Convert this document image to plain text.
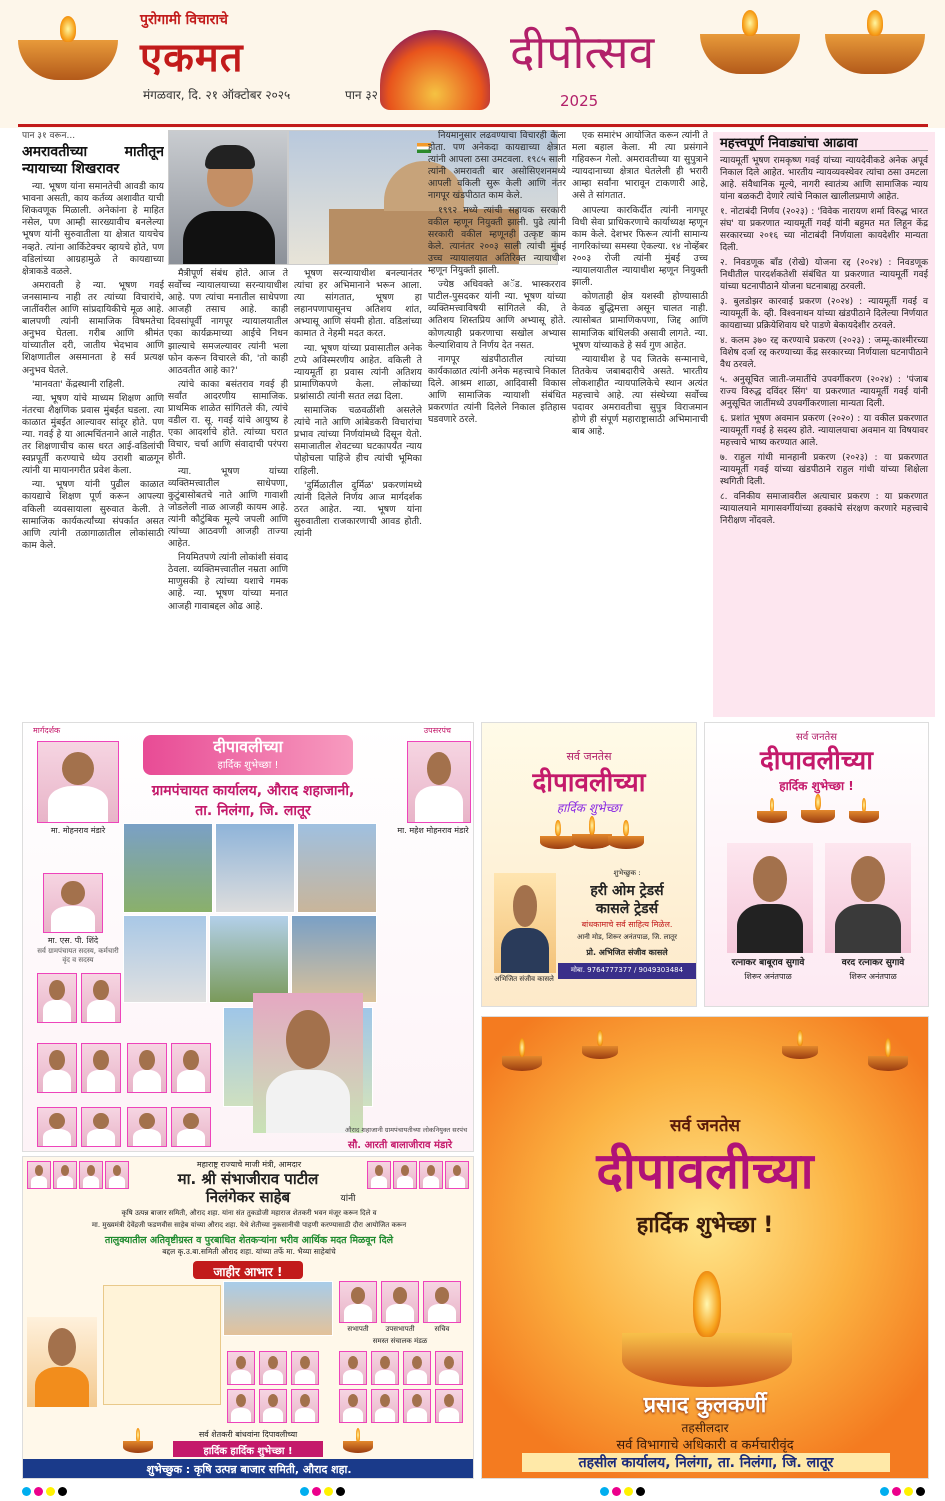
पुरोगामी विचाराचे
एकमत
मंगळवार, दि. २१ ऑक्टोबर २०२५	पान ३२
दीपोत्सव
2025
पान ३१ वरून...
अमरावतीच्या मातीतून न्यायाच्या शिखरावर

न्या. भूषण यांना समानतेची आवडी काय भावना असती, काय कर्तव्य अशावीत याची शिकवणूक मिळाली. अनेकांना हे माहित नसेल, पण आम्ही सारख्यावीच बनलेल्या भूषण यांनी सुरुवातीला या क्षेत्रात यायचेच नव्हते. त्यांना आर्किटेक्चर व्हायचे होते, पण वडिलांच्या आग्रहामुळे ते कायद्याच्या क्षेत्राकडे वळले.

अमरावती हे न्या. भूषण गवई जनसामान्य नाही तर त्यांच्या विचारांचे, जातींवरील आणि सांप्रदायिकीचे मूळ आहे. बालपणी त्यांनी सामाजिक विषमतेचा अनुभव घेतला. गरीब आणि श्रीमंत यांच्यातील दरी, जातीय भेदभाव आणि शिक्षणातील असमानता हे सर्व प्रत्यक्ष अनुभव घेतले.

'मानवता' केंद्रस्थानी राहिली.

न्या. भूषण यांचे माध्यम शिक्षण आणि नंतरचा शैक्षणिक प्रवास मुंबईत घडला. त्या काळात मुंबईत आल्यावर सांदूर होते. पण न्या. गवई हे या आत्मचिंतनाने आले नाहीत. तर शिक्षणाचीच कास धरत आई-वडिलांची स्वप्नपूर्ती करण्याचे ध्येय उराशी बाळगून त्यांनी या मायानगरीत प्रवेश केला.

न्या. भूषण यांनी पुढील काळात कायद्याचे शिक्षण पूर्ण करून आपल्या वकिली व्यवसायाला सुरुवात केली. ते सामाजिक कार्यकर्त्यांच्या संपर्कात असत आणि त्यांनी तळागाळातील लोकांसाठी काम केले.

मैत्रीपूर्ण संबंध होते. आज ते सर्वोच्च न्यायालयाच्या सरन्यायाधीश आहे. पण त्यांचा मनातील साधेपणा आजही तसाच आहे. काही दिवसांपूर्वी नागपूर न्यायालयातील एका कार्यक्रमाच्या आईचे निधन झाल्याचे समजल्यावर त्यांनी भला फोन करून विचारले की, 'तो काही आठवतीत आहे का?'

त्यांचे काका बसंतराव गवई ही सर्वांत आदरणीय सामाजिक. प्राथमिक शाळेत सांगितले की, त्यांचे वडील रा. सू. गवई यांचे आयुष्य हे एका आदर्शाचे होते. त्यांच्या घरात विचार, चर्चा आणि संवादाची परंपरा होती.

न्या. भूषण यांच्या व्यक्तिमत्त्वातील साधेपणा, कुटुंबासोबतचे नाते आणि गावाशी जोडलेली नाळ आजही कायम आहे. त्यांनी कौटुंबिक मूल्ये जपली आणि त्यांच्या आठवणी आजही ताज्या आहेत.

नियमितपणे त्यांनी लोकांशी संवाद ठेवला. व्यक्तिमत्त्वातील नम्रता आणि माणुसकी हे त्यांच्या यशाचे गमक आहे. न्या. भूषण यांच्या मनात आजही गावाबद्दल ओढ आहे.

भूषण सरन्यायाधीश बनल्यानंतर त्यांचा हर अभिमानाने भरून आला. त्या सांगतात, भूषण हा लहानपणापासूनच अतिशय शांत, अभ्यासू आणि संयमी होता. वडिलांच्या कामात ते नेहमी मदत करत.

न्या. भूषण यांच्या प्रवासातील अनेक टप्पे अविस्मरणीय आहेत. वकिली ते न्यायमूर्ती हा प्रवास त्यांनी अतिशय प्रामाणिकपणे केला. लोकांच्या प्रश्नांसाठी त्यांनी सतत लढा दिला.

सामाजिक चळवळींशी असलेले त्यांचे नाते आणि आंबेडकरी विचारांचा प्रभाव त्यांच्या निर्णयांमध्ये दिसून येतो. समाजातील शेवटच्या घटकापर्यंत न्याय पोहोचला पाहिजे हीच त्यांची भूमिका राहिली.

'दुर्मिळातील दुर्मिळ' प्रकरणांमध्ये त्यांनी दिलेले निर्णय आज मार्गदर्शक ठरत आहेत. न्या. भूषण यांना सुरुवातीला राजकारणाची आवड होती. त्यांनी

नियमानुसार लढवण्याचा विचारही केला होता. पण अनेकदा कायद्याच्या क्षेत्रात त्यांनी आपला ठसा उमटवला. १९८५ साली त्यांनी अमरावती बार असोसिएशनमध्ये आपली वकिली सुरू केली आणि नंतर नागपूर खंडपीठात काम केले.

१९९२ मध्ये त्यांची सहायक सरकारी वकील म्हणून नियुक्ती झाली. पुढे त्यांनी सरकारी वकील म्हणूनही उत्कृष्ट काम केले. त्यानंतर २००३ साली त्यांची मुंबई उच्च न्यायालयात अतिरिक्त न्यायाधीश म्हणून नियुक्ती झाली.

ज्येष्ठ अधिवक्ते अॅड. भास्करराव पाटील-पुसदकर यांनी न्या. भूषण यांच्या व्यक्तिमत्त्वाविषयी सांगितले की, ते अतिशय शिस्तप्रिय आणि अभ्यासू होते. कोणत्याही प्रकरणाचा सखोल अभ्यास केल्याशिवाय ते निर्णय देत नसत.

नागपूर खंडपीठातील त्यांच्या कार्यकाळात त्यांनी अनेक महत्त्वाचे निकाल दिले. आश्रम शाळा, आदिवासी विकास आणि सामाजिक न्यायाशी संबंधित प्रकरणांत त्यांनी दिलेले निकाल इतिहास घडवणारे ठरले.

एक समारंभ आयोजित करून त्यांनी ते मला बहाल केला. मी त्या प्रसंगाने गहिवरून गेलो. अमरावतीच्या या सुपुत्राने न्यायदानाच्या क्षेत्रात घेतलेली ही भरारी आम्हा सर्वांना भारावून टाकणारी आहे, असे ते सांगतात.

आपल्या कारकिर्दीत त्यांनी नागपूर विधी सेवा प्राधिकरणाचे कार्याध्यक्ष म्हणून काम केले. देशभर फिरून त्यांनी सामान्य नागरिकांच्या समस्या ऐकल्या. १४ नोव्हेंबर २००३ रोजी त्यांनी मुंबई उच्च न्यायालयातील न्यायाधीश म्हणून नियुक्ती झाली.

कोणताही क्षेत्र यशस्वी होण्यासाठी केवळ बुद्धिमत्ता असून चालत नाही. त्यासोबत प्रामाणिकपणा, जिद्द आणि सामाजिक बांधिलकी असावी लागते. न्या. भूषण यांच्याकडे हे सर्व गुण आहेत.

न्यायाधीश हे पद जितके सन्मानाचे, तितकेच जबाबदारीचे असते. भारतीय लोकशाहीत न्यायपालिकेचे स्थान अत्यंत महत्त्वाचे आहे. त्या संस्थेच्या सर्वोच्च पदावर अमरावतीचा सुपुत्र विराजमान होणे ही संपूर्ण महाराष्ट्रासाठी अभिमानाची बाब आहे.

महत्त्वपूर्ण निवाड्यांचा आढावा

न्यायमूर्ती भूषण रामकृष्ण गवई यांच्या न्यायदेवीकडे अनेक अपूर्व निकाल दिले आहेत. भारतीय न्यायव्यवस्थेवर त्यांचा ठसा उमटला आहे. संवैधानिक मूल्ये, नागरी स्वातंत्र्य आणि सामाजिक न्याय यांना बळकटी देणारे त्यांचे निकाल खालीलप्रमाणे आहेत.

१. नोटाबंदी निर्णय (२०२३) : 'विवेक नारायण शर्मा विरुद्ध भारत संघ' या प्रकरणात न्यायमूर्ती गवई यांनी बहुमत मत लिहून केंद्र सरकारच्या २०१६ च्या नोटाबंदी निर्णयाला कायदेशीर मान्यता दिली.

२. निवडणूक बाँड (रोखे) योजना रद्द (२०२४) : निवडणूक निधीतील पारदर्शकतेशी संबंधित या प्रकरणात न्यायमूर्ती गवई यांच्या घटनापीठाने योजना घटनाबाह्य ठरवली.

३. बुलडोझर कारवाई प्रकरण (२०२४) : न्यायमूर्ती गवई व न्यायमूर्ती के. व्ही. विश्वनाथन यांच्या खंडपीठाने दिलेल्या निर्णयात कायद्याच्या प्रक्रियेशिवाय घरे पाडणे बेकायदेशीर ठरवले.

४. कलम ३७० रद्द करण्याचे प्रकरण (२०२३) : जम्मू-काश्मीरच्या विशेष दर्जा रद्द करण्याच्या केंद्र सरकारच्या निर्णयाला घटनापीठाने वैध ठरवले.

५. अनुसूचित जाती-जमातींचे उपवर्गीकरण (२०२४) : 'पंजाब राज्य विरुद्ध दविंदर सिंग' या प्रकरणात न्यायमूर्ती गवई यांनी अनुसूचित जातींमध्ये उपवर्गीकरणाला मान्यता दिली.

६. प्रशांत भूषण अवमान प्रकरण (२०२०) : या वकील प्रकरणात न्यायमूर्ती गवई हे सदस्य होते. न्यायालयाचा अवमान या विषयावर महत्त्वाचे भाष्य करण्यात आले.

७. राहुल गांधी मानहानी प्रकरण (२०२३) : या प्रकरणात न्यायमूर्ती गवई यांच्या खंडपीठाने राहुल गांधी यांच्या शिक्षेला स्थगिती दिली.

८. वनिकीय समाजावरील अत्याचार प्रकरण : या प्रकरणात न्यायालयाने मागासवर्गीयांच्या हक्कांचे संरक्षण करणारे महत्त्वाचे निरीक्षण नोंदवले.

मार्गदर्शक	उपसरपंच
दीपावलीच्या
हार्दिक शुभेच्छा !
मा. मोहनराव मंडारे	मा. महेश मोहनराव मंडारे
ग्रामपंचायत कार्यालय, औराद शहाजानी,
ता. निलंगा, जि. लातूर
मा. एस. पी. शिंदे
सर्व ग्रामपंचायत सदस्य, कर्मचारी वृंद व सदस्य
औराद शहाजानी ग्रामपंचायतीच्या लोकनियुक्त सरपंच
सौ. आरती बालाजीराव मंडारे
सर्व जनतेस
दीपावलीच्या
हार्दिक शुभेच्छा
अभिजित संजीव कासले
शुभेच्छुक :
हरी ओम ट्रेडर्स
कासले ट्रेडर्स
बांधकामाचे सर्व साहित्य मिळेल.
आनी मोड, शिरूर अनंतपाळ, जि. लातूर
प्रो. अभिजित संजीव कासले
मोबा. 9764777377 / 9049303484
सर्व जनतेस
दीपावलीच्या
हार्दिक शुभेच्छा !
रत्नाकर बाबूराव सुगावे
शिरूर अनंतपाळ
वरद रत्नाकर सुगावे
शिरूर अनंतपाळ
महाराष्ट्र राज्याचे माजी मंत्री, आमदार
मा. श्री संभाजीराव पाटील
निलंगेकर साहेब	यांनी
कृषि उत्पन्न बाजार समिती, औराद शहा. यांना संत तुकडोजी महाराज शेतकरी भवन मंजूर करून दिले व
मा. मुख्यमंत्री देवेंद्रजी फडणवीस साहेब यांच्या औराद शहा. येथे शेतीच्या नुकसानीची पाहणी करण्यासाठी दौरा आयोजित करून
तालुक्यातील अतिवृष्टीग्रस्त व पुरबाधित शेतकऱ्यांना भरीव आर्थिक मदत मिळवून दिले
बद्दल कृ.उ.बा.समिती औराद शहा. यांच्या तर्फे मा. भैय्या साहेबांचे
जाहीर आभार !
सभापती	उपसभापती	सचिव
समस्त संचालक मंडळ
सर्व शेतकरी बांधवांना दिपावलीच्या
हार्दिक हार्दिक शुभेच्छा !
शुभेच्छुक : कृषि उत्पन्न बाजार समिती, औराद शहा.
सर्व जनतेस
दीपावलीच्या
हार्दिक शुभेच्छा !
प्रसाद कुलकर्णी
तहसीलदार
सर्व विभागाचे अधिकारी व कर्मचारीवृंद
तहसील कार्यालय, निलंगा, ता. निलंगा, जि. लातूर
